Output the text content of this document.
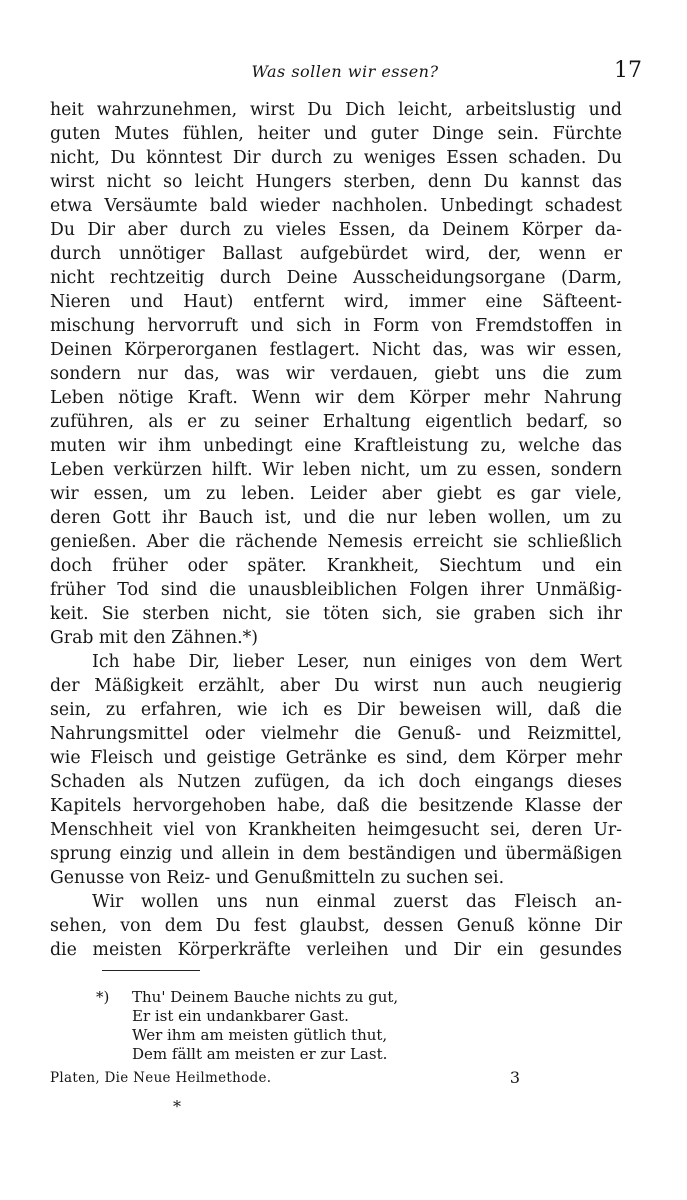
Was sollen wir essen?	17
heit wahrzunehmen, wirst Du Dich leicht, arbeitslustig und
guten Mutes fühlen, heiter und guter Dinge sein. Fürchte
nicht, Du könntest Dir durch zu weniges Essen schaden. Du
wirst nicht so leicht Hungers sterben, denn Du kannst das
etwa Versäumte bald wieder nachholen. Unbedingt schadest
Du Dir aber durch zu vieles Essen, da Deinem Körper da-
durch unnötiger Ballast aufgebürdet wird, der, wenn er
nicht rechtzeitig durch Deine Ausscheidungsorgane (Darm,
Nieren und Haut) entfernt wird, immer eine Säfteent-
mischung hervorruft und sich in Form von Fremdstoffen in
Deinen Körperorganen festlagert. Nicht das, was wir essen,
sondern nur das, was wir verdauen, giebt uns die zum
Leben nötige Kraft. Wenn wir dem Körper mehr Nahrung
zuführen, als er zu seiner Erhaltung eigentlich bedarf, so
muten wir ihm unbedingt eine Kraftleistung zu, welche das
Leben verkürzen hilft. Wir leben nicht, um zu essen, sondern
wir essen, um zu leben. Leider aber giebt es gar viele,
deren Gott ihr Bauch ist, und die nur leben wollen, um zu
genießen. Aber die rächende Nemesis erreicht sie schließlich
doch früher oder später. Krankheit, Siechtum und ein
früher Tod sind die unausbleiblichen Folgen ihrer Unmäßig-
keit. Sie sterben nicht, sie töten sich, sie graben sich ihr
Grab mit den Zähnen.*)
Ich habe Dir, lieber Leser, nun einiges von dem Wert
der Mäßigkeit erzählt, aber Du wirst nun auch neugierig
sein, zu erfahren, wie ich es Dir beweisen will, daß die
Nahrungsmittel oder vielmehr die Genuß- und Reizmittel,
wie Fleisch und geistige Getränke es sind, dem Körper mehr
Schaden als Nutzen zufügen, da ich doch eingangs dieses
Kapitels hervorgehoben habe, daß die besitzende Klasse der
Menschheit viel von Krankheiten heimgesucht sei, deren Ur-
sprung einzig und allein in dem beständigen und übermäßigen
Genusse von Reiz- und Genußmitteln zu suchen sei.
Wir wollen uns nun einmal zuerst das Fleisch an-
sehen, von dem Du fest glaubst, dessen Genuß könne Dir
die meisten Körperkräfte verleihen und Dir ein gesundes
*) Thu' Deinem Bauche nichts zu gut,
Er ist ein undankbarer Gast.
Wer ihm am meisten gütlich thut,
Dem fällt am meisten er zur Last.
Platen, Die Neue Heilmethode.	3
*
